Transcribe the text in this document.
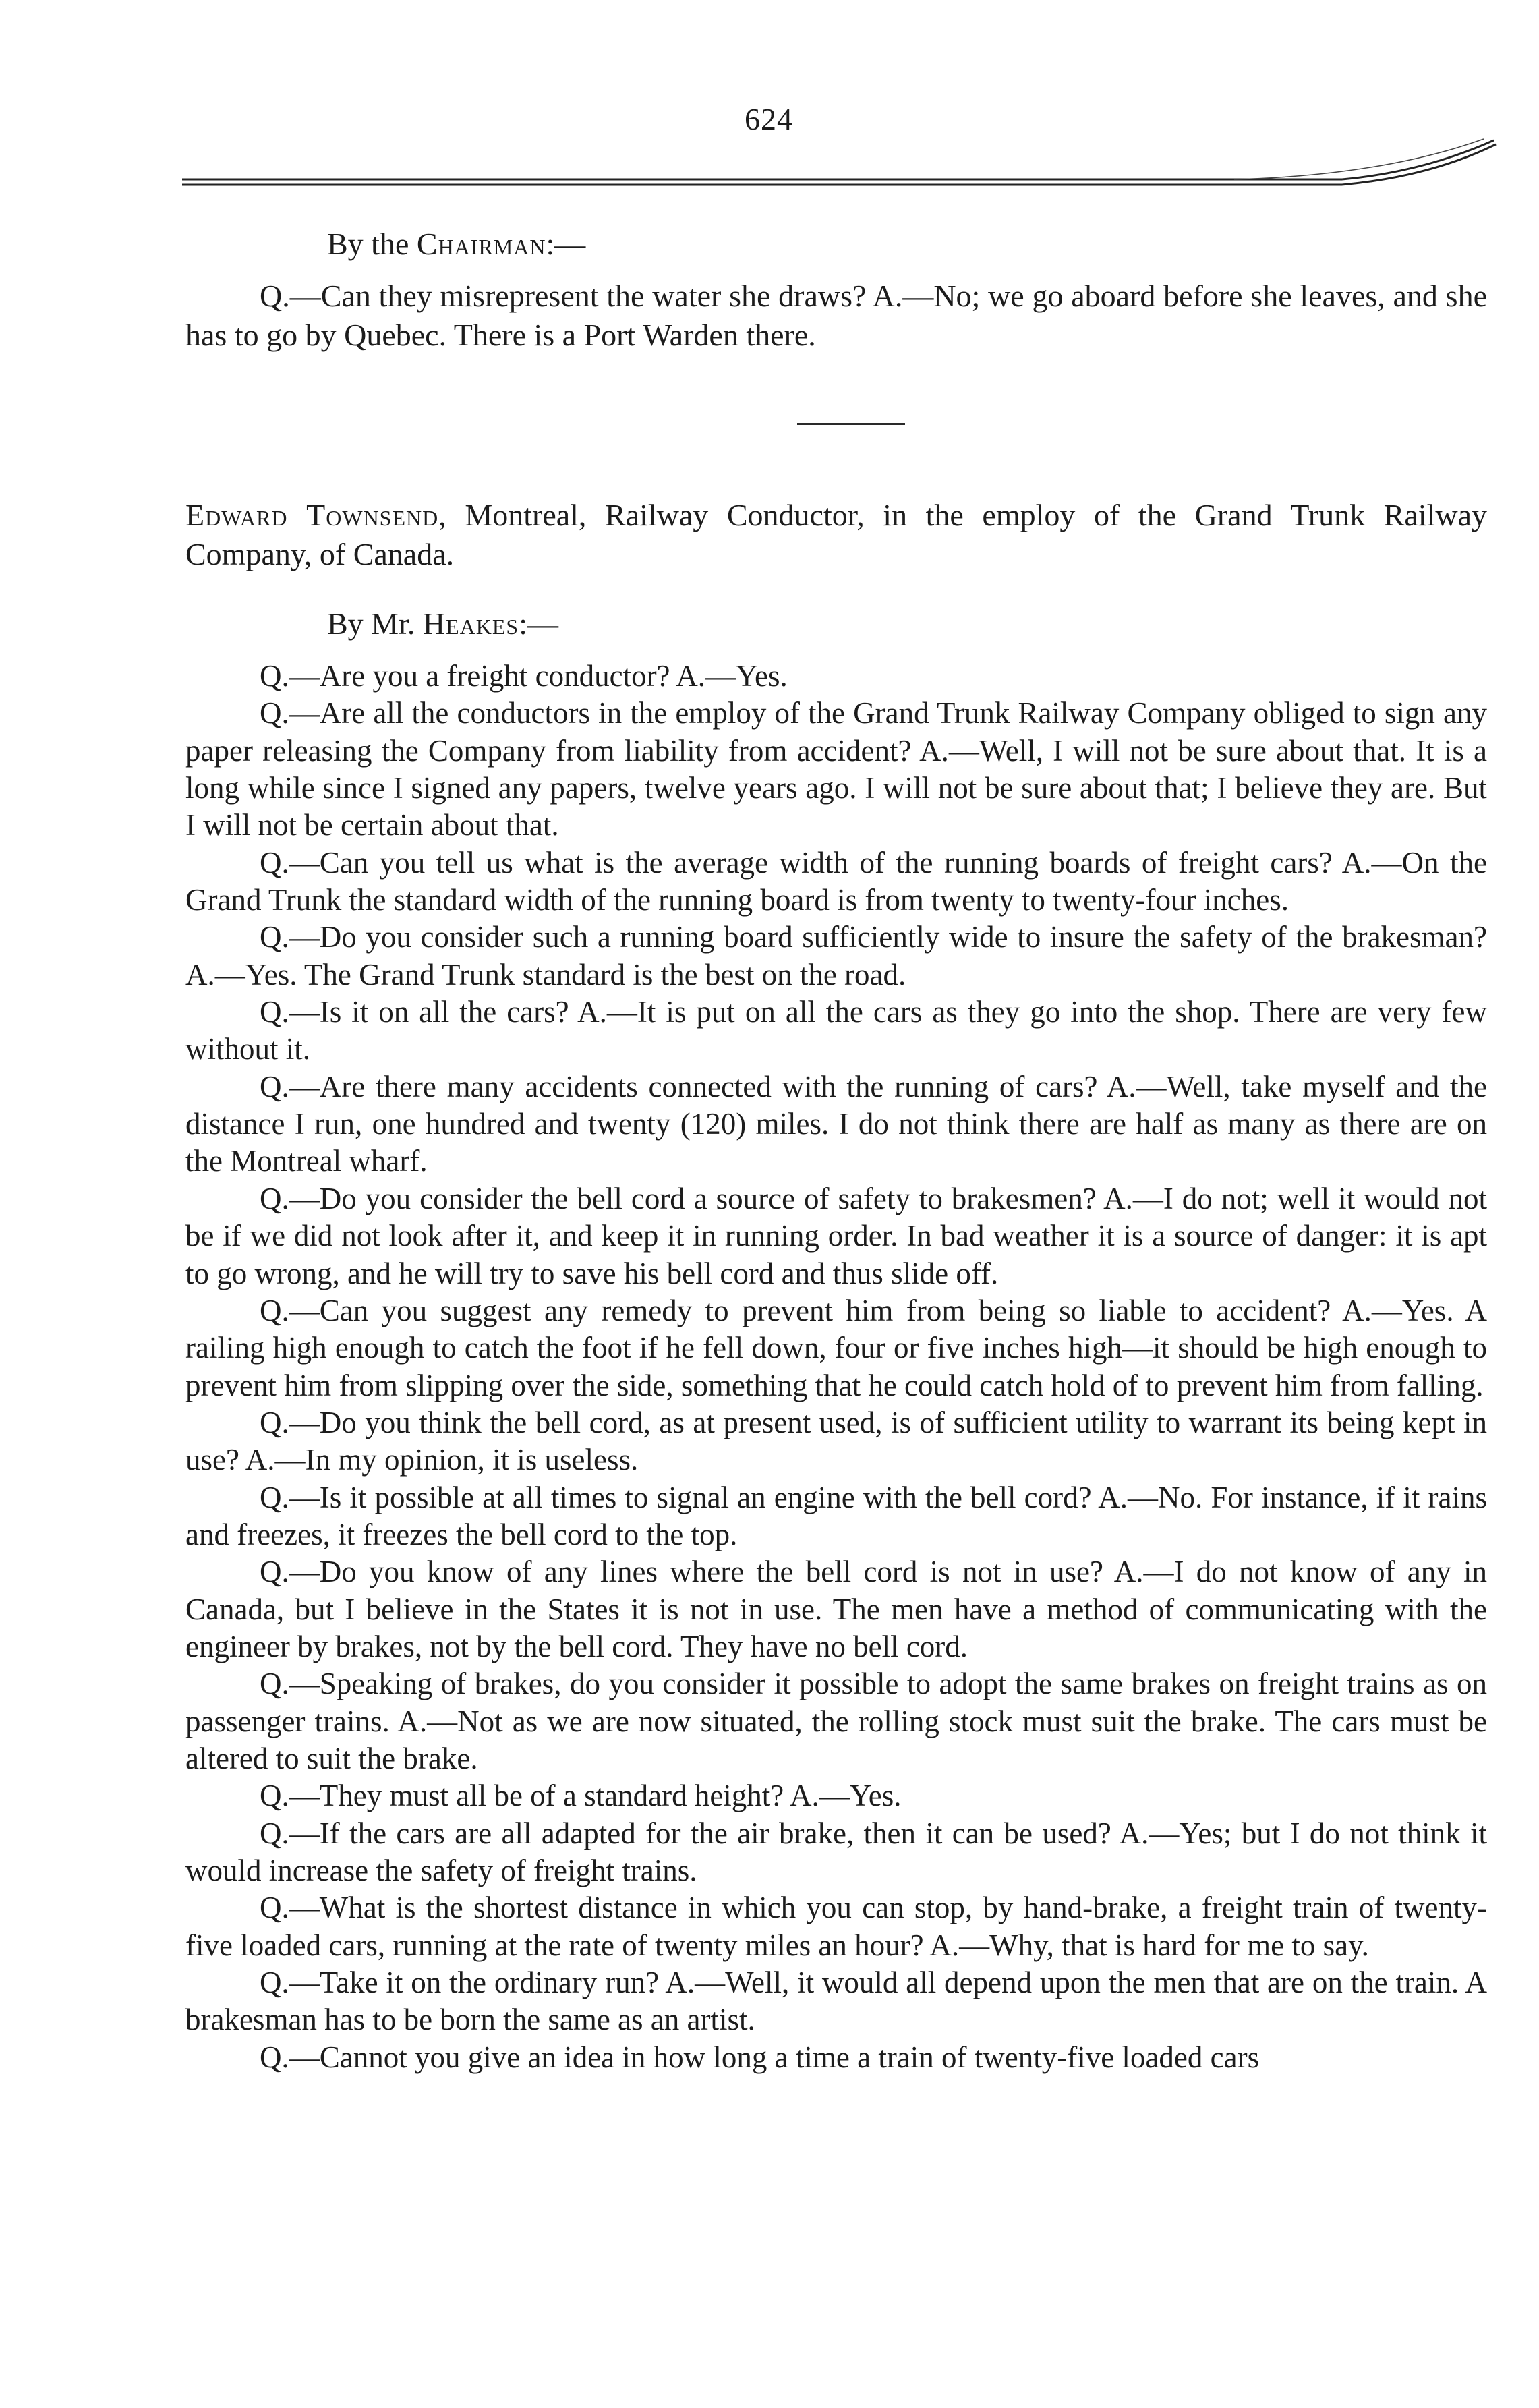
624
By the Chairman:—

Q.—Can they misrepresent the water she draws? A.—No; we go aboard before she leaves, and she has to go by Quebec. There is a Port Warden there.

Edward Townsend, Montreal, Railway Conductor, in the employ of the Grand Trunk Railway Company, of Canada.

By Mr. Heakes:—

Q.—Are you a freight conductor? A.—Yes.

Q.—Are all the conductors in the employ of the Grand Trunk Railway Company obliged to sign any paper releasing the Company from liability from accident? A.—Well, I will not be sure about that. It is a long while since I signed any papers, twelve years ago. I will not be sure about that; I believe they are. But I will not be certain about that.

Q.—Can you tell us what is the average width of the running boards of freight cars? A.—On the Grand Trunk the standard width of the running board is from twenty to twenty-four inches.

Q.—Do you consider such a running board sufficiently wide to insure the safety of the brakesman? A.—Yes. The Grand Trunk standard is the best on the road.

Q.—Is it on all the cars? A.—It is put on all the cars as they go into the shop. There are very few without it.

Q.—Are there many accidents connected with the running of cars? A.—Well, take myself and the distance I run, one hundred and twenty (120) miles. I do not think there are half as many as there are on the Montreal wharf.

Q.—Do you consider the bell cord a source of safety to brakesmen? A.—I do not; well it would not be if we did not look after it, and keep it in running order. In bad weather it is a source of danger: it is apt to go wrong, and he will try to save his bell cord and thus slide off.

Q.—Can you suggest any remedy to prevent him from being so liable to accident? A.—Yes. A railing high enough to catch the foot if he fell down, four or five inches high—it should be high enough to prevent him from slipping over the side, something that he could catch hold of to prevent him from falling.

Q.—Do you think the bell cord, as at present used, is of sufficient utility to warrant its being kept in use? A.—In my opinion, it is useless.

Q.—Is it possible at all times to signal an engine with the bell cord? A.—No. For instance, if it rains and freezes, it freezes the bell cord to the top.

Q.—Do you know of any lines where the bell cord is not in use? A.—I do not know of any in Canada, but I believe in the States it is not in use. The men have a method of communicating with the engineer by brakes, not by the bell cord. They have no bell cord.

Q.—Speaking of brakes, do you consider it possible to adopt the same brakes on freight trains as on passenger trains. A.—Not as we are now situated, the rolling stock must suit the brake. The cars must be altered to suit the brake.

Q.—They must all be of a standard height? A.—Yes.

Q.—If the cars are all adapted for the air brake, then it can be used? A.—Yes; but I do not think it would increase the safety of freight trains.

Q.—What is the shortest distance in which you can stop, by hand-brake, a freight train of twenty-five loaded cars, running at the rate of twenty miles an hour? A.—Why, that is hard for me to say.

Q.—Take it on the ordinary run? A.—Well, it would all depend upon the men that are on the train. A brakesman has to be born the same as an artist.

Q.—Cannot you give an idea in how long a time a train of twenty-five loaded cars
